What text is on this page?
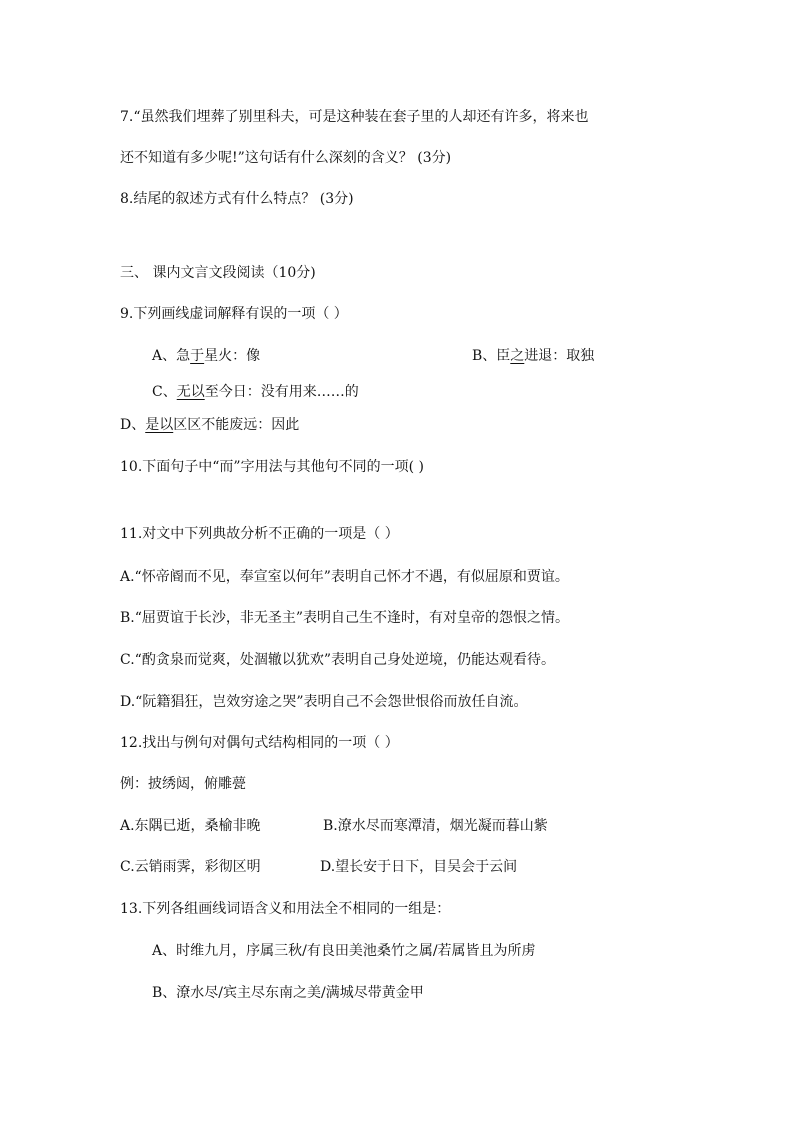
7.“虽然我们埋葬了别里科夫，可是这种装在套子里的人却还有许多，将来也
还不知道有多少呢!”这句话有什么深刻的含义？ (3分)
8.结尾的叙述方式有什么特点？ (3分)
三、 课内文言文段阅读（10分)
9.下列画线虚词解释有误的一项（ ）
A、急于星火：像	B、臣之进退：取独
C、无以至今日：没有用来……的
D、是以区区不能废远：因此
10.下面句子中“而”字用法与其他句不同的一项( )
11.对文中下列典故分析不正确的一项是（ ）
A.“怀帝阍而不见，奉宣室以何年”表明自己怀才不遇，有似屈原和贾谊。
B.“屈贾谊于长沙，非无圣主”表明自己生不逢时，有对皇帝的怨恨之情。
C.“酌贪泉而觉爽，处涸辙以犹欢”表明自己身处逆境，仍能达观看待。
D.“阮籍猖狂，岂效穷途之哭”表明自己不会怨世恨俗而放任自流。
12.找出与例句对偶句式结构相同的一项（ ）
例：披绣闼，俯雕甍
A.东隅已逝，桑榆非晚	B.潦水尽而寒潭清，烟光凝而暮山紫
C.云销雨霁，彩彻区明	D.望长安于日下，目吴会于云间
13.下列各组画线词语含义和用法全不相同的一组是：
A、时维九月，序属三秋/有良田美池桑竹之属/若属皆且为所虏
B、潦水尽/宾主尽东南之美/满城尽带黄金甲
